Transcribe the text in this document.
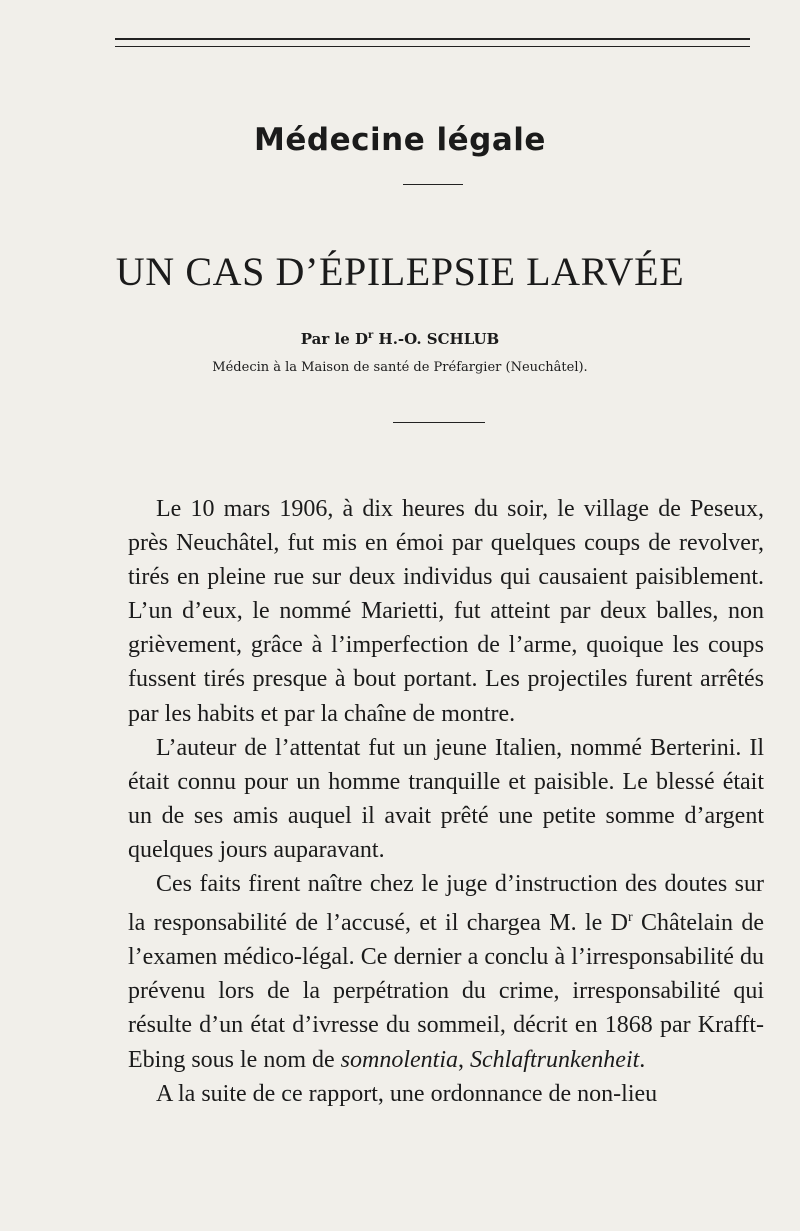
Médecine légale
UN CAS D’ÉPILEPSIE LARVÉE
Par le $D^r$ H.-O. SCHLUB
Médecin à la Maison de santé de Préfargier (Neuchâtel).

Le 10 mars 1906, à dix heures du soir, le village de Peseux, près Neuchâtel, fut mis en émoi par quelques coups de revolver, tirés en pleine rue sur deux individus qui causaient paisiblement. L’un d’eux, le nommé Marietti, fut atteint par deux balles, non grièvement, grâce à l’imperfection de l’arme, quoique les coups fussent tirés presque à bout portant. Les projectiles furent arrêtés par les habits et par la chaîne de montre.

L’auteur de l’attentat fut un jeune Italien, nommé Berterini. Il était connu pour un homme tranquille et paisible. Le blessé était un de ses amis auquel il avait prêté une petite somme d’argent quelques jours auparavant.

Ces faits firent naître chez le juge d’instruction des doutes sur la responsabilité de l’accusé, et il chargea M. le $D^r$ Châtelain de l’examen médico-légal. Ce dernier a conclu à l’irresponsabilité du prévenu lors de la perpétration du crime, irresponsabilité qui résulte d’un état d’ivresse du sommeil, décrit en 1868 par Krafft-Ebing sous le nom de somnolentia, Schlaftrunkenheit.

A la suite de ce rapport, une ordonnance de non-lieu
